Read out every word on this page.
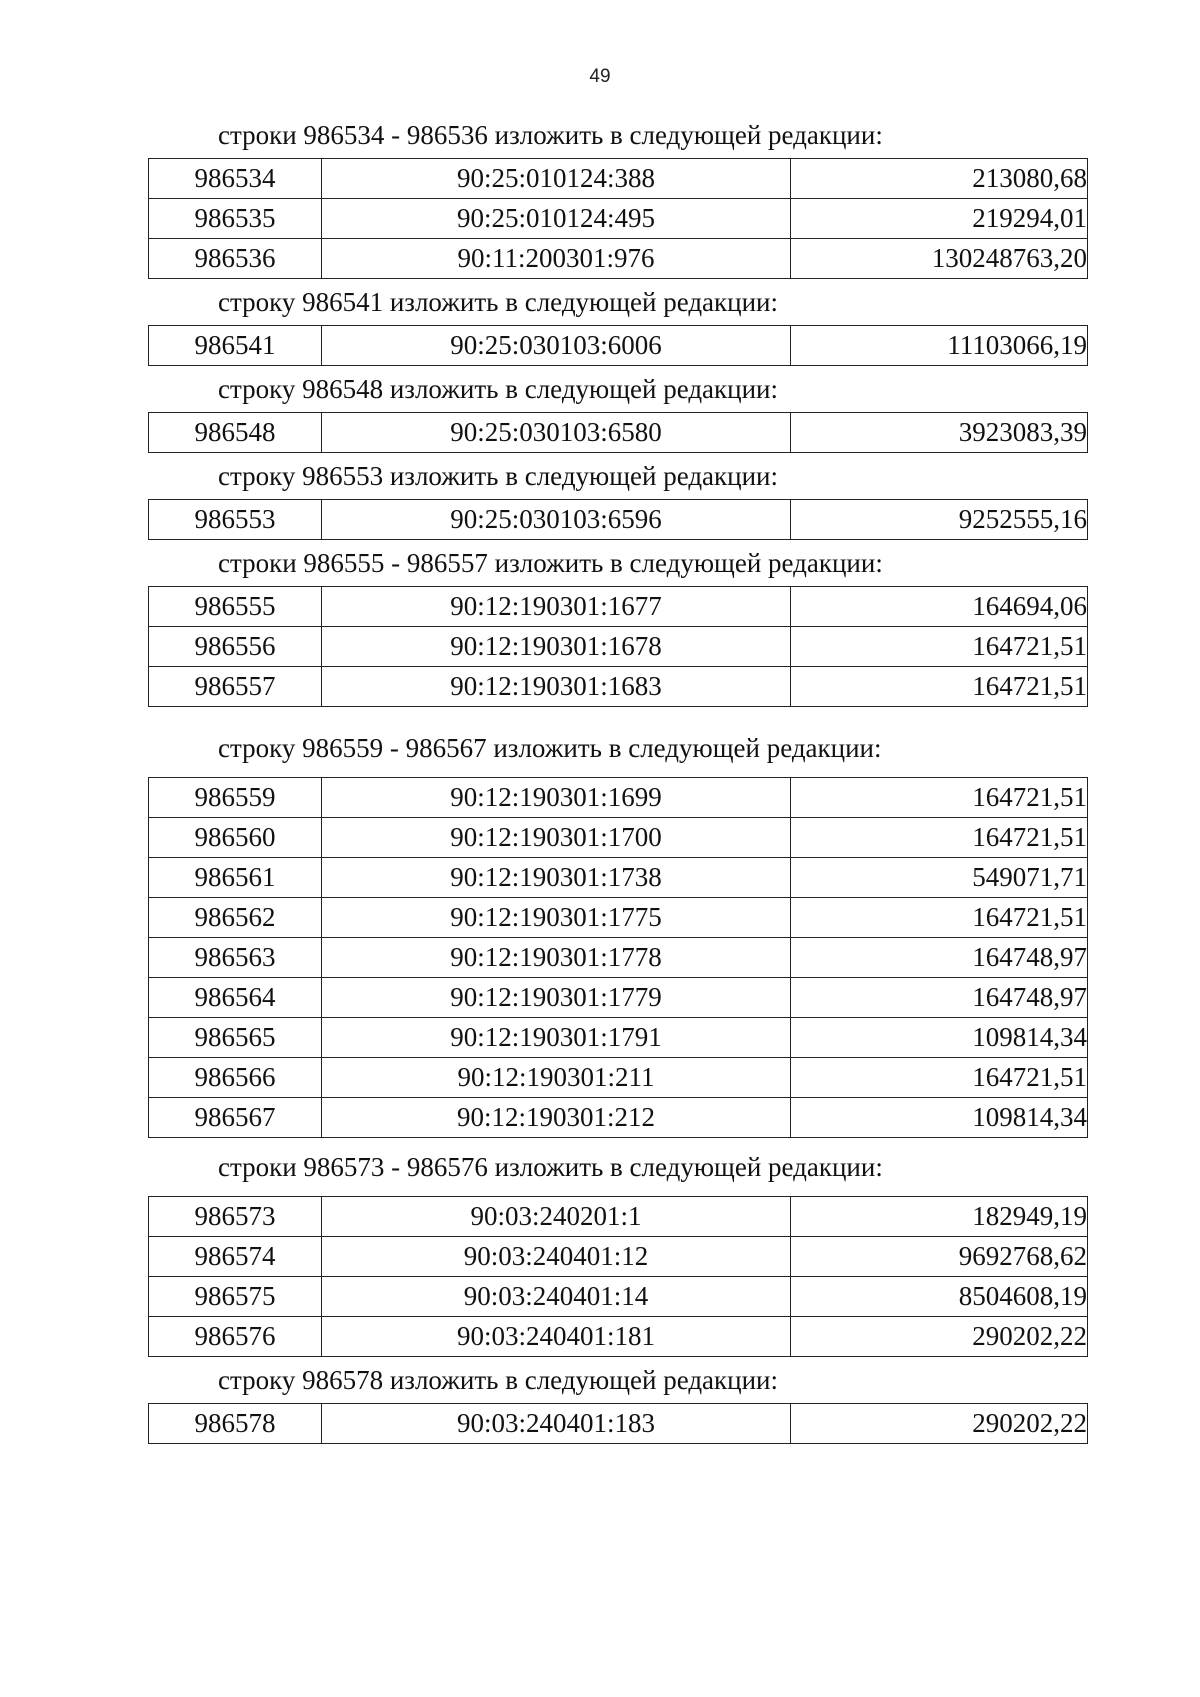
49
строки 986534 - 986536 изложить в следующей редакции:
986534	90:25:010124:388	213080,68
986535	90:25:010124:495	219294,01
986536	90:11:200301:976	130248763,20
строку 986541 изложить в следующей редакции:
986541	90:25:030103:6006	11103066,19
строку 986548 изложить в следующей редакции:
986548	90:25:030103:6580	3923083,39
строку 986553 изложить в следующей редакции:
986553	90:25:030103:6596	9252555,16
строки 986555 - 986557 изложить в следующей редакции:
986555	90:12:190301:1677	164694,06
986556	90:12:190301:1678	164721,51
986557	90:12:190301:1683	164721,51
строку 986559 - 986567 изложить в следующей редакции:
986559	90:12:190301:1699	164721,51
986560	90:12:190301:1700	164721,51
986561	90:12:190301:1738	549071,71
986562	90:12:190301:1775	164721,51
986563	90:12:190301:1778	164748,97
986564	90:12:190301:1779	164748,97
986565	90:12:190301:1791	109814,34
986566	90:12:190301:211	164721,51
986567	90:12:190301:212	109814,34
строки 986573 - 986576 изложить в следующей редакции:
986573	90:03:240201:1	182949,19
986574	90:03:240401:12	9692768,62
986575	90:03:240401:14	8504608,19
986576	90:03:240401:181	290202,22
строку 986578 изложить в следующей редакции:
986578	90:03:240401:183	290202,22
